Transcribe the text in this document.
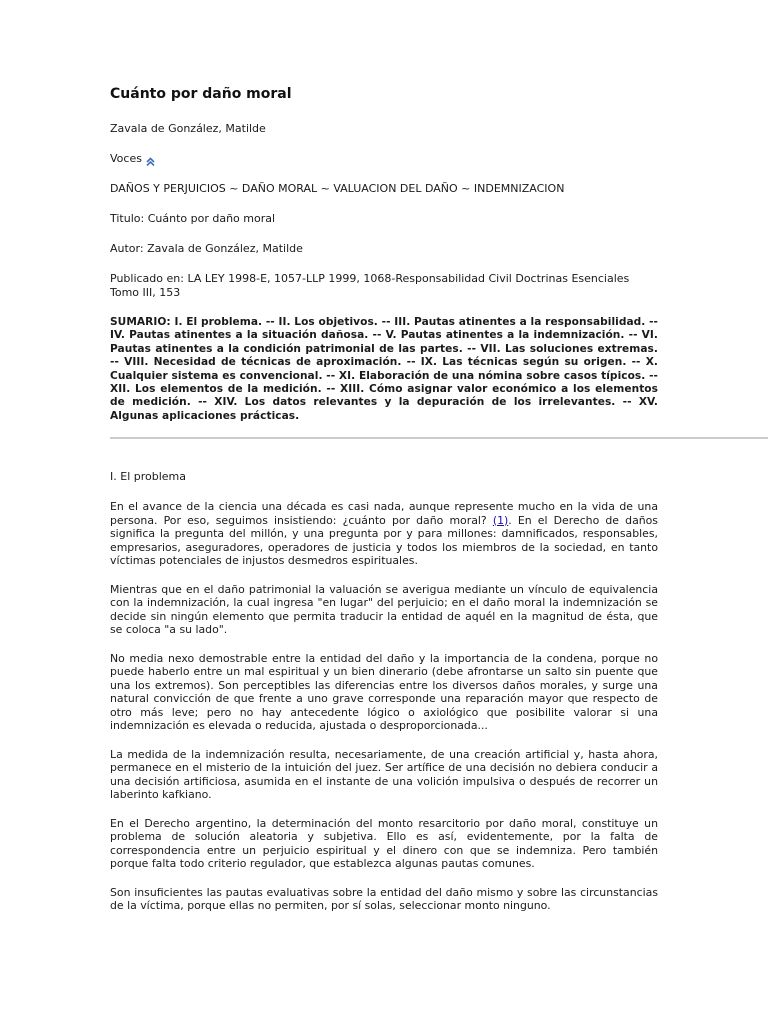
Cuánto por daño moral
Zavala de González, Matilde
Voces
DAÑOS Y PERJUICIOS ~ DAÑO MORAL ~ VALUACION DEL DAÑO ~ INDEMNIZACION
Titulo: Cuánto por daño moral
Autor: Zavala de González, Matilde
Publicado en: LA LEY 1998-E, 1057-LLP 1999, 1068-Responsabilidad Civil Doctrinas Esenciales Tomo III, 153
SUMARIO: I. El problema. -- II. Los objetivos. -- III. Pautas atinentes a la responsabilidad. -- IV. Pautas atinentes a la situación dañosa. -- V. Pautas atinentes a la indemnización. -- VI. Pautas atinentes a la condición patrimonial de las partes. -- VII. Las soluciones extremas. -- VIII. Necesidad de técnicas de aproximación. -- IX. Las técnicas según su origen. -- X. Cualquier sistema es convencional. -- XI. Elaboración de una nómina sobre casos típicos. -- XII. Los elementos de la medición. -- XIII. Cómo asignar valor económico a los elementos de medición. -- XIV. Los datos relevantes y la depuración de los irrelevantes. -- XV. Algunas aplicaciones prácticas.
I. El problema

En el avance de la ciencia una década es casi nada, aunque represente mucho en la vida de una persona. Por eso, seguimos insistiendo: ¿cuánto por daño moral? (1). En el Derecho de daños significa la pregunta del millón, y una pregunta por y para millones: damnificados, responsables, empresarios, aseguradores, operadores de justicia y todos los miembros de la sociedad, en tanto víctimas potenciales de injustos desmedros espirituales.

Mientras que en el daño patrimonial la valuación se averigua mediante un vínculo de equivalencia con la indemnización, la cual ingresa "en lugar" del perjuicio; en el daño moral la indemnización se decide sin ningún elemento que permita traducir la entidad de aquél en la magnitud de ésta, que se coloca "a su lado".

No media nexo demostrable entre la entidad del daño y la importancia de la condena, porque no puede haberlo entre un mal espiritual y un bien dinerario (debe afrontarse un salto sin puente que una los extremos). Son perceptibles las diferencias entre los diversos daños morales, y surge una natural convicción de que frente a uno grave corresponde una reparación mayor que respecto de otro más leve; pero no hay antecedente lógico o axiológico que posibilite valorar si una indemnización es elevada o reducida, ajustada o desproporcionada...

La medida de la indemnización resulta, necesariamente, de una creación artificial y, hasta ahora, permanece en el misterio de la intuición del juez. Ser artífice de una decisión no debiera conducir a una decisión artificiosa, asumida en el instante de una volición impulsiva o después de recorrer un laberinto kafkiano.

En el Derecho argentino, la determinación del monto resarcitorio por daño moral, constituye un problema de solución aleatoria y subjetiva. Ello es así, evidentemente, por la falta de correspondencia entre un perjuicio espiritual y el dinero con que se indemniza. Pero también porque falta todo criterio regulador, que establezca algunas pautas comunes.

Son insuficientes las pautas evaluativas sobre la entidad del daño mismo y sobre las circunstancias de la víctima, porque ellas no permiten, por sí solas, seleccionar monto ninguno.
